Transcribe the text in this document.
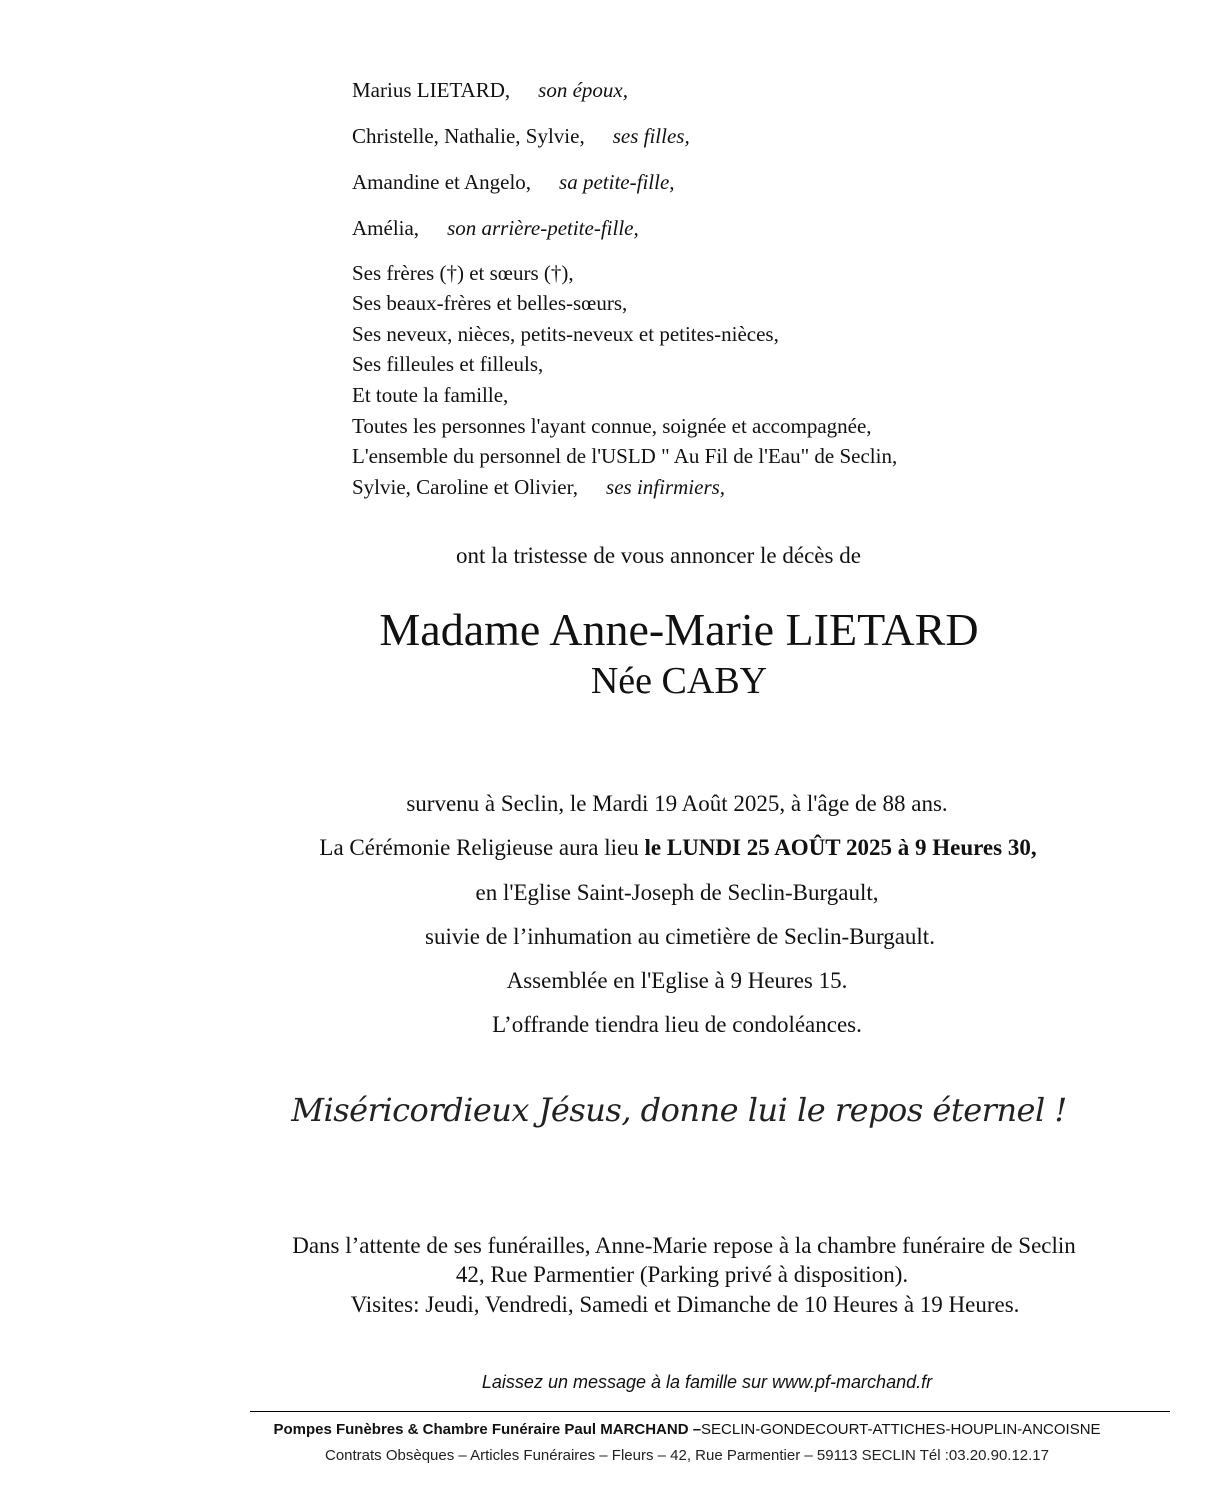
Marius LIETARD, son époux,
Christelle, Nathalie, Sylvie, ses filles,
Amandine et Angelo, sa petite-fille,
Amélia, son arrière-petite-fille,
Ses frères (†) et sœurs (†),
Ses beaux-frères et belles-sœurs,
Ses neveux, nièces, petits-neveux et petites-nièces,
Ses filleules et filleuls,
Et toute la famille,
Toutes les personnes l'ayant connue, soignée et accompagnée,
L'ensemble du personnel de l'USLD " Au Fil de l'Eau" de Seclin,
Sylvie, Caroline et Olivier, ses infirmiers,
ont la tristesse de vous annoncer le décès de
Madame Anne-Marie LIETARD
Née CABY
survenu à Seclin, le Mardi 19 Août 2025, à l'âge de 88 ans.
La Cérémonie Religieuse aura lieu le LUNDI 25 AOÛT 2025 à 9 Heures 30,
en l'Eglise Saint-Joseph de Seclin-Burgault,
suivie de l’inhumation au cimetière de Seclin-Burgault.
Assemblée en l'Eglise à 9 Heures 15.
L’offrande tiendra lieu de condoléances.
Miséricordieux Jésus, donne lui le repos éternel !
Dans l’attente de ses funérailles, Anne-Marie repose à la chambre funéraire de Seclin
42, Rue Parmentier (Parking privé à disposition).
Visites: Jeudi, Vendredi, Samedi et Dimanche de 10 Heures à 19 Heures.
Laissez un message à la famille sur www.pf-marchand.fr
Pompes Funèbres & Chambre Funéraire Paul MARCHAND –SECLIN-GONDECOURT-ATTICHES-HOUPLIN-ANCOISNE
Contrats Obsèques – Articles Funéraires – Fleurs – 42, Rue Parmentier – 59113 SECLIN Tél :03.20.90.12.17
